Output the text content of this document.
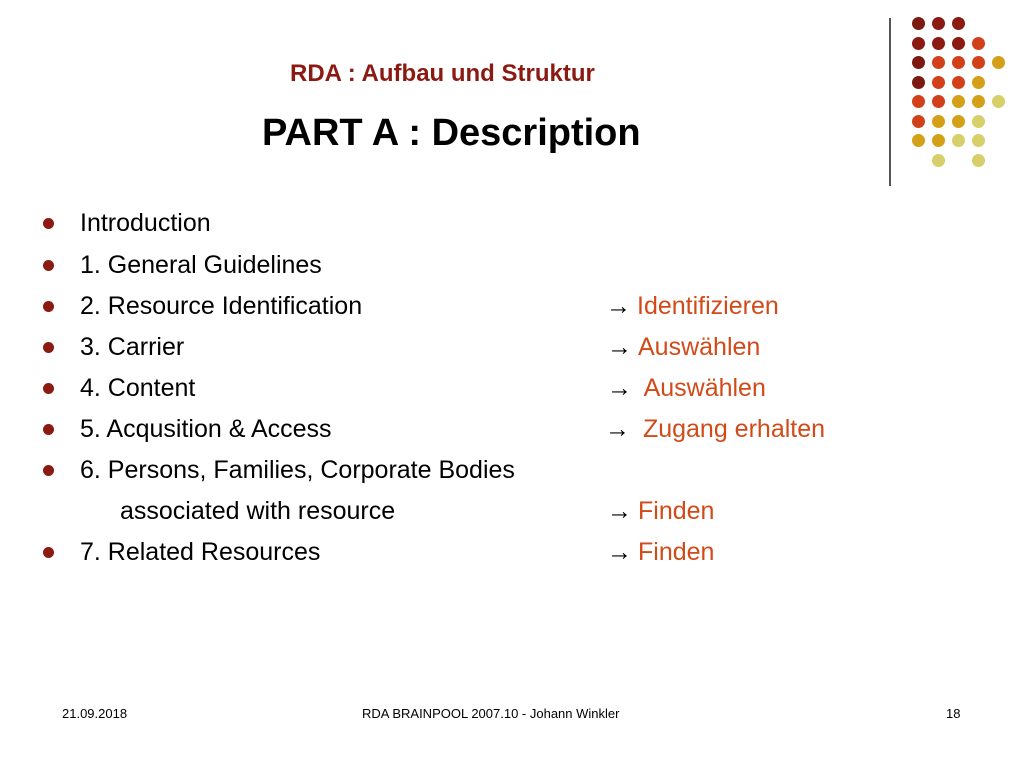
RDA : Aufbau und Struktur
PART A : Description
Introduction
1. General Guidelines
2. Resource Identification	→ Identifizieren
3. Carrier	→ Auswählen
4. Content	→ Auswählen
5. Acqusition & Access	→ Zugang erhalten
6. Persons, Families, Corporate Bodies
associated with resource	→ Finden
7. Related Resources	→ Finden
21.09.2018	RDA BRAINPOOL 2007.10 - Johann Winkler	18
